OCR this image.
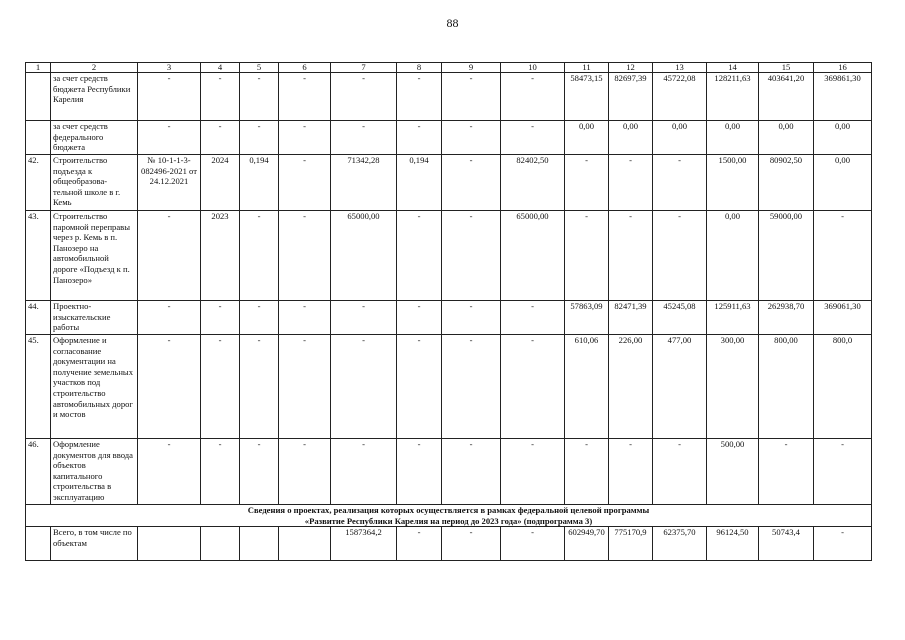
88
1	2	3	4	5	6	7	8	9	10	11	12	13	14	15	16
	за счет средств бюджета Республики Карелия	-	-	-	-	-	-	-	-	58473,15	82697,39	45722,08	128211,63	403641,20	369861,30
	за счет средств федерального бюджета	-	-	-	-	-	-	-	-	0,00	0,00	0,00	0,00	0,00	0,00
42.	Строительство подъезда к общеобразова-тельной школе в г. Кемь	№ 10-1-1-3-082496-2021 от 24.12.2021	2024	0,194	-	71342,28	0,194	-	82402,50	-	-	-	1500,00	80902,50	0,00
43.	Строительство паромной переправы через р. Кемь в п. Панозеро на автомобильной дороге «Подъезд к п. Панозеро»	-	2023	-	-	65000,00	-	-	65000,00	-	-	-	0,00	59000,00	-
44.	Проектно-изыскательские работы	-	-	-	-	-	-	-	-	57863,09	82471,39	45245,08	125911,63	262938,70	369061,30
45.	Оформление и согласование документации на получение земельных участков под строительство автомобильных дорог и мостов	-	-	-	-	-	-	-	-	610,06	226,00	477,00	300,00	800,00	800,0
46.	Оформление документов для ввода объектов капитального строительства в эксплуатацию	-	-	-	-	-	-	-	-	-	-	-	500,00	-	-

Сведения о проектах, реализация которых осуществляется в рамках федеральной целевой программы
«Развитие Республики Карелия на период до 2023 года» (подпрограмма 3)															

	Всего, в том числе по объектам					1587364,2	-	-	-	602949,70	775170,9	62375,70	96124,50	50743,4	-
